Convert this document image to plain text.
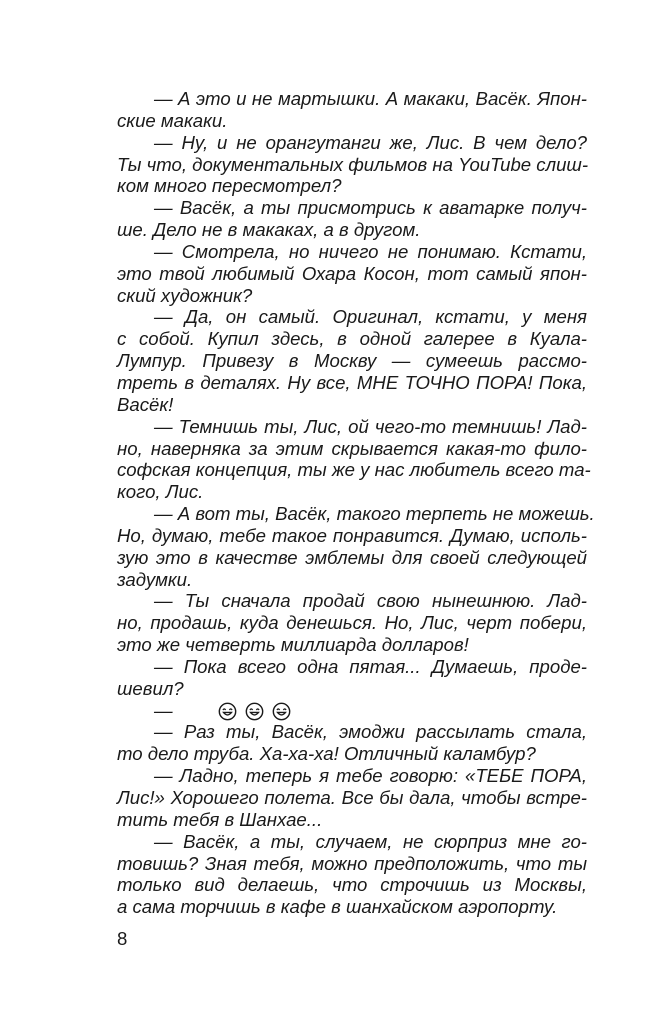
— А это и не мартышки. А макаки, Васёк. Япон-
ские макаки.
— Ну, и не орангутанги же, Лис. В чем дело?
Ты что, документальных фильмов на YouTube слиш-
ком много пересмотрел?
— Васёк, а ты присмотрись к аватарке получ-
ше. Дело не в макаках, а в другом.
— Смотрела, но ничего не понимаю. Кстати,
это твой любимый Охара Косон, тот самый япон-
ский художник?
— Да, он самый. Оригинал, кстати, у меня
с собой. Купил здесь, в одной галерее в Куала-
Лумпур. Привезу в Москву — сумеешь рассмо-
треть в деталях. Ну все, МНЕ ТОЧНО ПОРА! Пока,
Васёк!
— Темнишь ты, Лис, ой чего-то темнишь! Лад-
но, наверняка за этим скрывается какая-то фило-
софская концепция, ты же у нас любитель всего та-
кого, Лис.
— А вот ты, Васёк, такого терпеть не можешь.
Но, думаю, тебе такое понравится. Думаю, исполь-
зую это в качестве эмблемы для своей следующей
задумки.
— Ты сначала продай свою нынешнюю. Лад-
но, продашь, куда денешься. Но, Лис, черт побери,
это же четверть миллиарда долларов!
— Пока всего одна пятая... Думаешь, продe-
шевил?
—
— Раз ты, Васёк, эмоджи рассылать стала,
то дело труба. Ха-ха-ха! Отличный каламбур?
— Ладно, теперь я тебе говорю: «ТЕБЕ ПОРА,
Лис!» Хорошего полета. Все бы дала, чтобы встре-
тить тебя в Шанхае...
— Васёк, а ты, случаем, не сюрприз мне го-
товишь? Зная тебя, можно предположить, что ты
только вид делаешь, что строчишь из Москвы,
а сама торчишь в кафе в шанхайском аэропорту.
8
